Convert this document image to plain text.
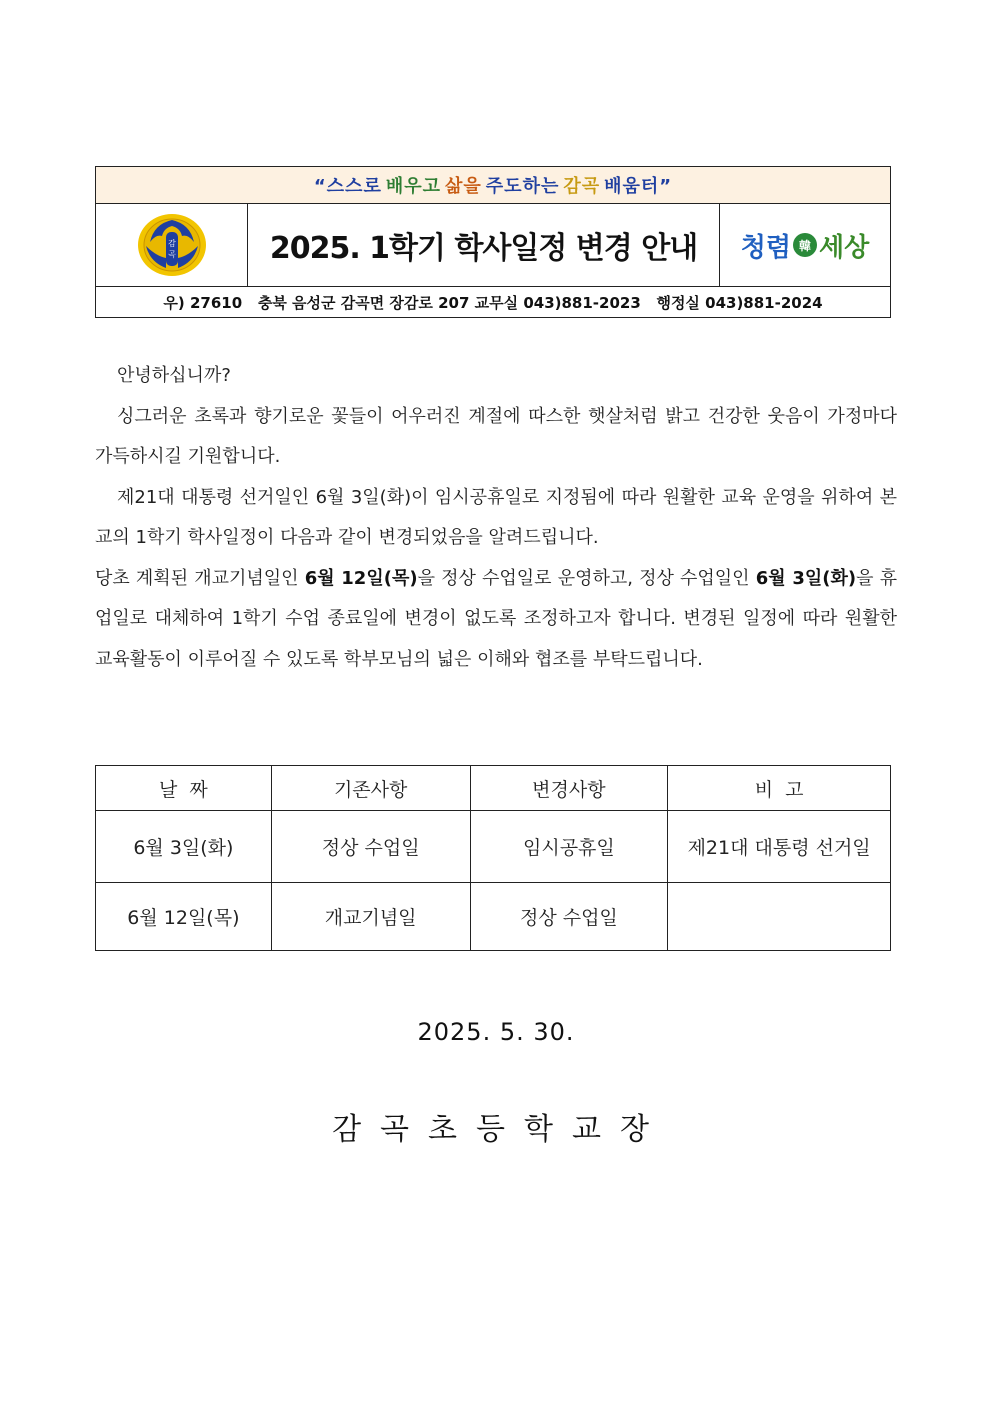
“스스로 배우고 삶을 주도하는 감곡 배움터”
감
곡	2025. 1학기 학사일정 변경 안내	청렴 韓 세상
우) 27610   충북 음성군 감곡면 장감로 207 교무실 043)881-2023   행정실 043)881-2024

안녕하십니까?

싱그러운 초록과 향기로운 꽃들이 어우러진 계절에 따스한 햇살처럼 밝고 건강한 웃음이 가정마다 가득하시길 기원합니다.

제21대 대통령 선거일인 6월 3일(화)이 임시공휴일로 지정됨에 따라 원활한 교육 운영을 위하여 본교의 1학기 학사일정이 다음과 같이 변경되었음을 알려드립니다.

당초 계획된 개교기념일인 6월 12일(목)을 정상 수업일로 운영하고, 정상 수업일인 6월 3일(화)을 휴업일로 대체하여 1학기 수업 종료일에 변경이 없도록 조정하고자 합니다. 변경된 일정에 따라 원활한 교육활동이 이루어질 수 있도록 학부모님의 넓은 이해와 협조를 부탁드립니다.

날  짜	기존사항	변경사항	비  고
6월 3일(화)	정상 수업일	임시공휴일	제21대 대통령 선거일
6월 12일(목)	개교기념일	정상 수업일	
2025. 5. 30.
감곡초등학교장
